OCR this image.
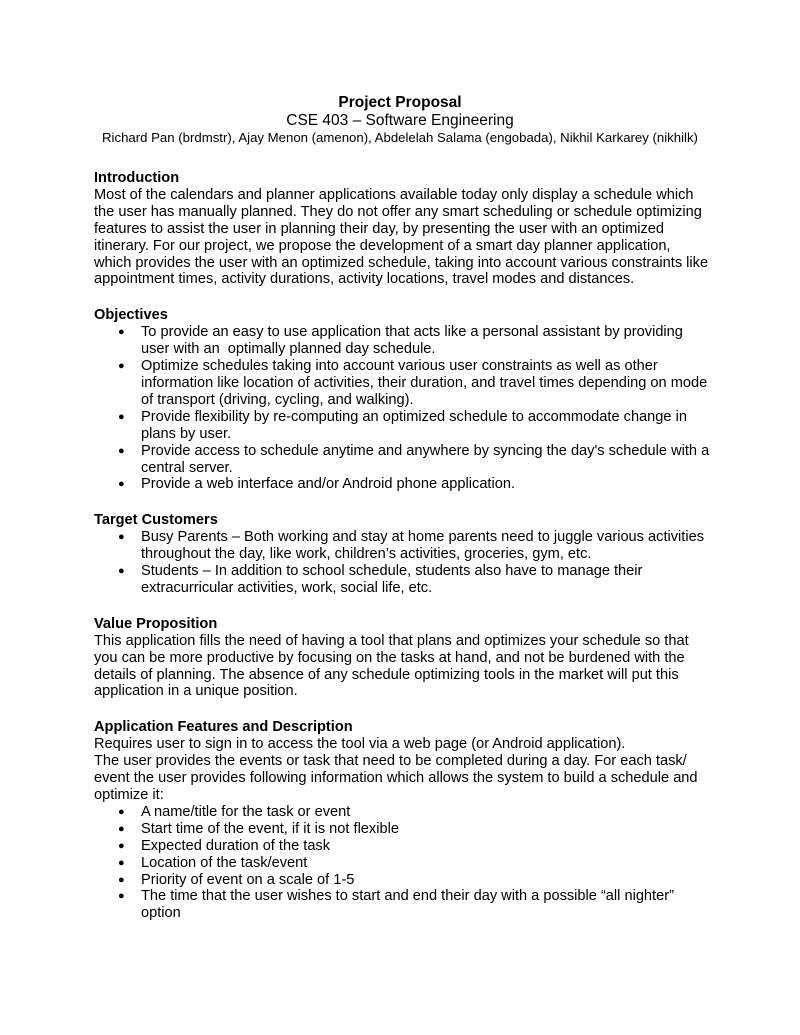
Project Proposal
CSE 403 – Software Engineering
Richard Pan (brdmstr), Ajay Menon (amenon), Abdelelah Salama (engobada), Nikhil Karkarey (nikhilk)
Introduction
Most of the calendars and planner applications available today only display a schedule which
the user has manually planned. They do not offer any smart scheduling or schedule optimizing
features to assist the user in planning their day, by presenting the user with an optimized
itinerary. For our project, we propose the development of a smart day planner application,
which provides the user with an optimized schedule, taking into account various constraints like
appointment times, activity durations, activity locations, travel modes and distances.
Objectives
● To provide an easy to use application that acts like a personal assistant by providing
user with an  optimally planned day schedule.
● Optimize schedules taking into account various user constraints as well as other
information like location of activities, their duration, and travel times depending on mode
of transport (driving, cycling, and walking).
● Provide flexibility by re-computing an optimized schedule to accommodate change in
plans by user.
● Provide access to schedule anytime and anywhere by syncing the day's schedule with a
central server.
● Provide a web interface and/or Android phone application.
Target Customers
● Busy Parents – Both working and stay at home parents need to juggle various activities
throughout the day, like work, children’s activities, groceries, gym, etc.
● Students – In addition to school schedule, students also have to manage their
extracurricular activities, work, social life, etc.
Value Proposition
This application fills the need of having a tool that plans and optimizes your schedule so that
you can be more productive by focusing on the tasks at hand, and not be burdened with the
details of planning. The absence of any schedule optimizing tools in the market will put this
application in a unique position.
Application Features and Description
Requires user to sign in to access the tool via a web page (or Android application).
The user provides the events or task that need to be completed during a day. For each task/
event the user provides following information which allows the system to build a schedule and
optimize it:
● A name/title for the task or event
● Start time of the event, if it is not flexible
● Expected duration of the task
● Location of the task/event
● Priority of event on a scale of 1-5
● The time that the user wishes to start and end their day with a possible “all nighter”
option
